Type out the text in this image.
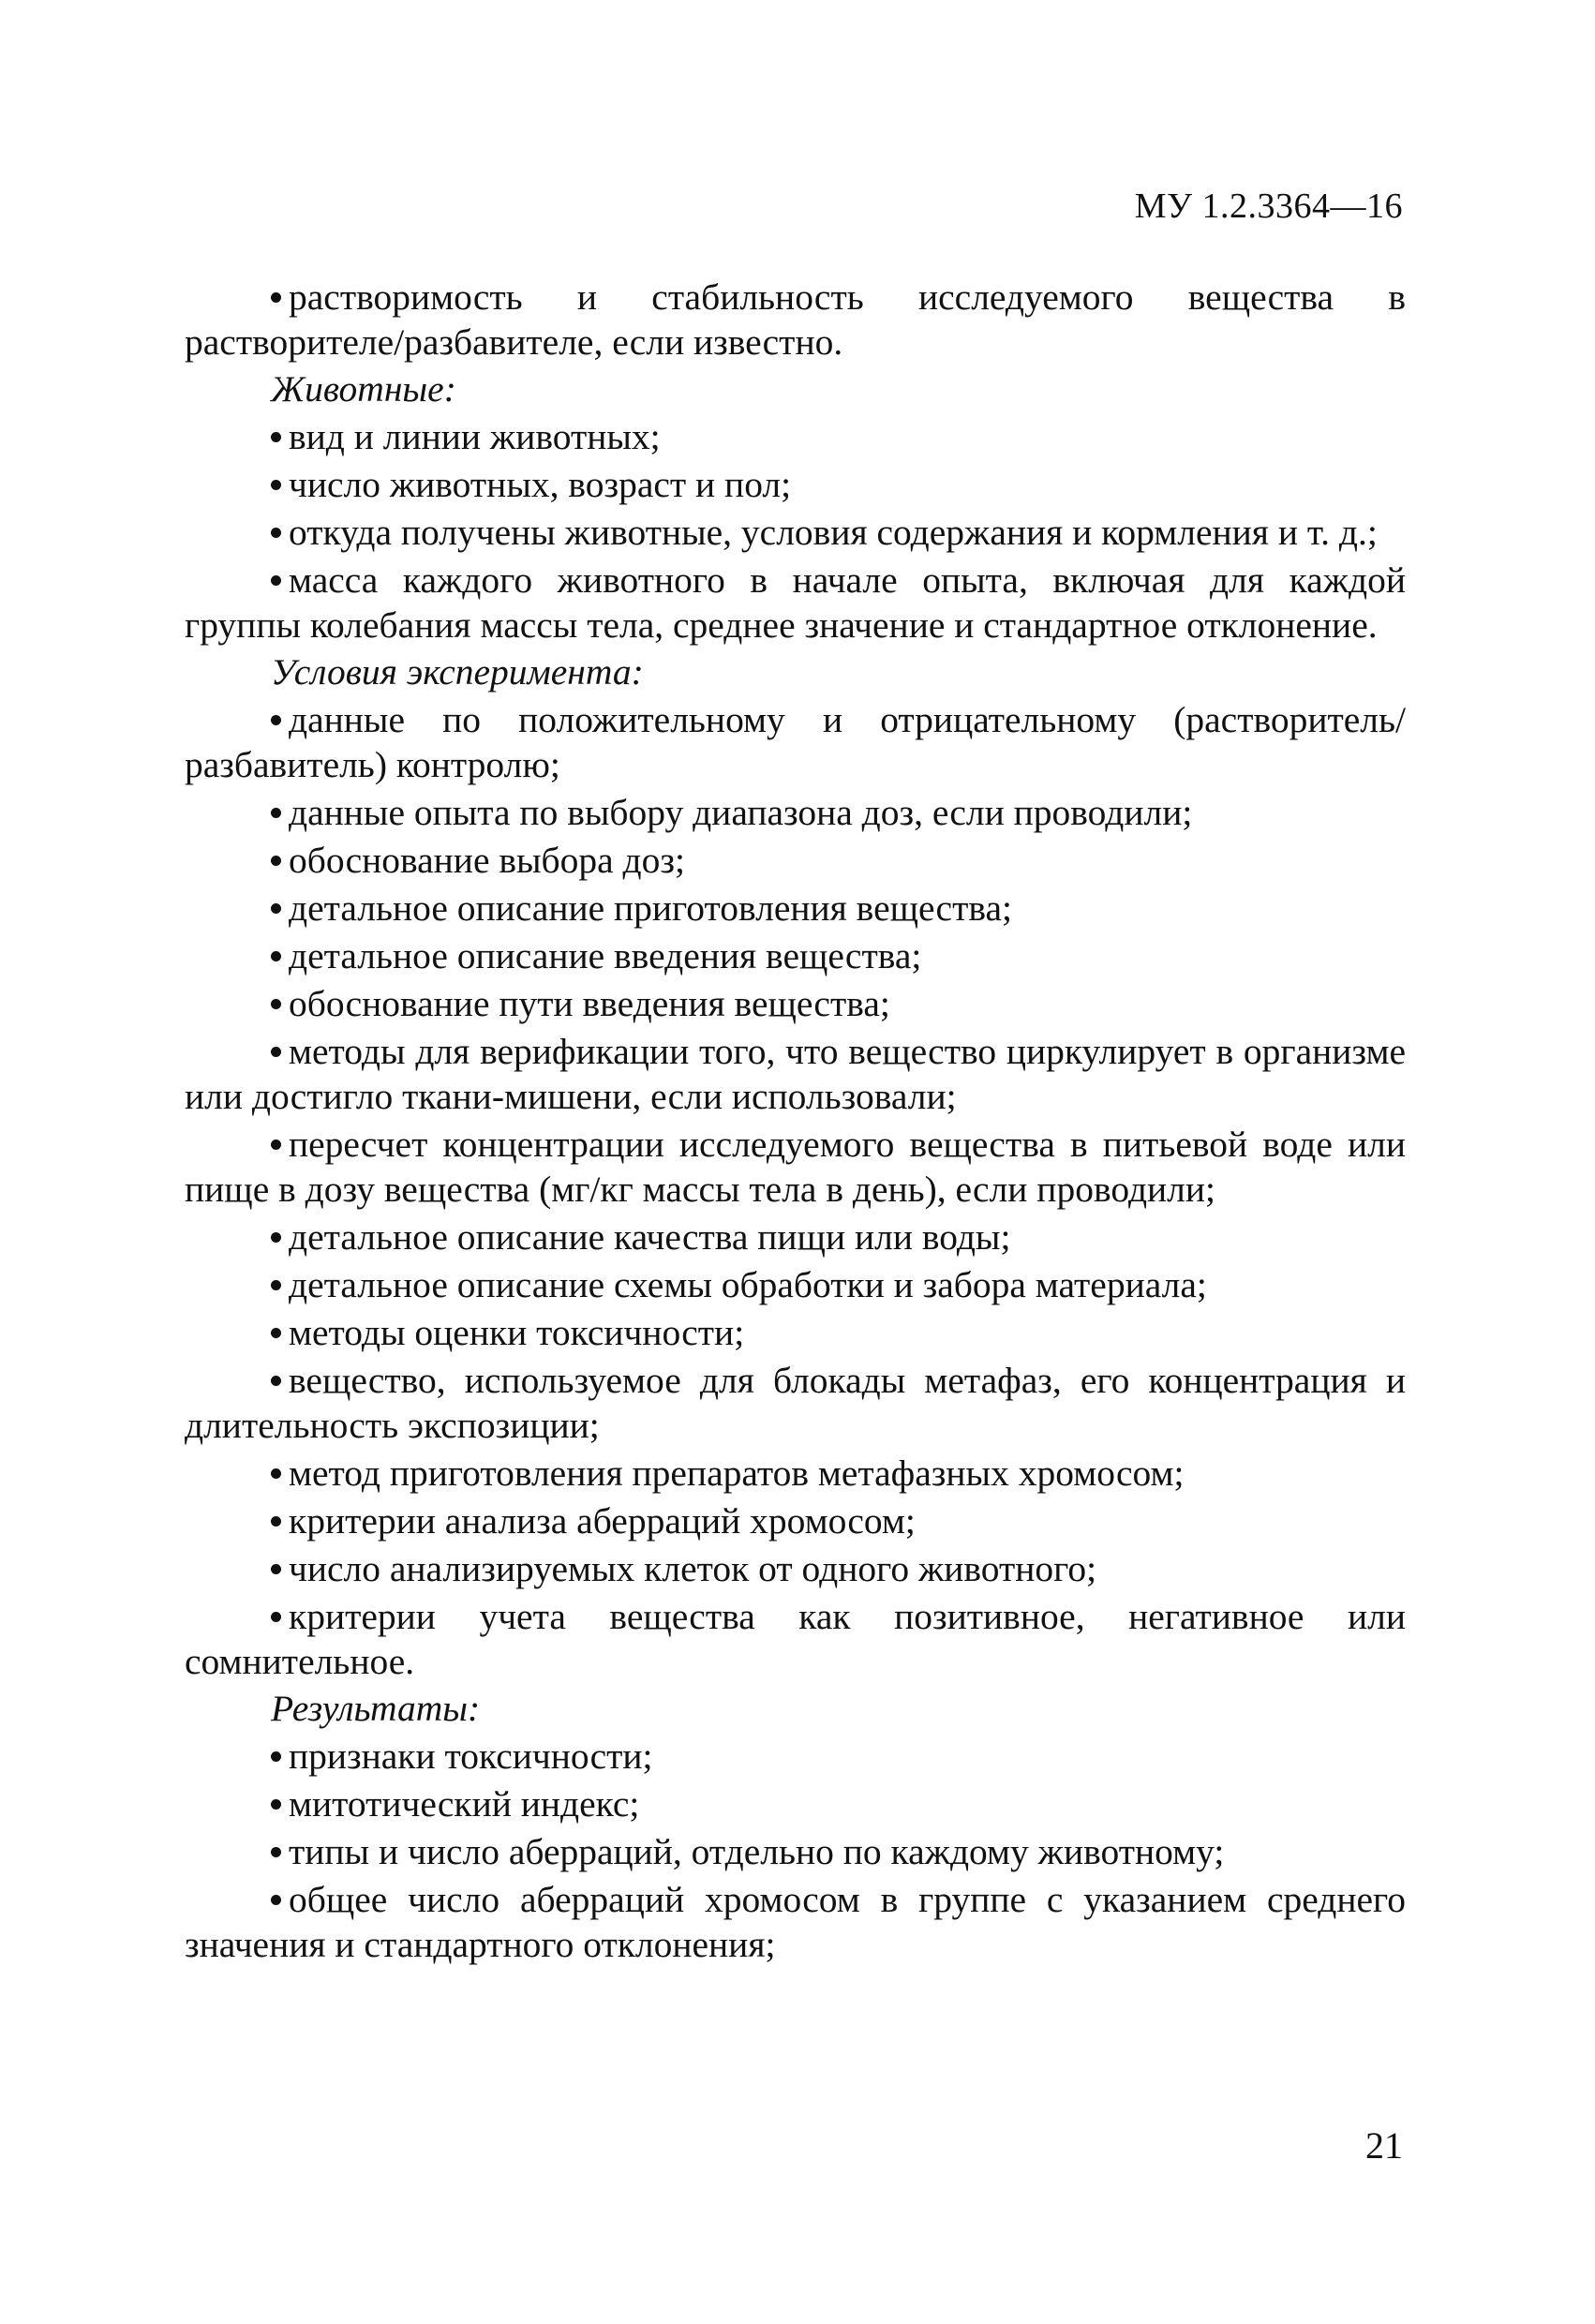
МУ 1.2.3364—16

растворимость и стабильность исследуемого вещества в растворителе/разбавителе, если известно.

Животные:

вид и линии животных;

число животных, возраст и пол;

откуда получены животные, условия содержания и кормления и т. д.;

масса каждого животного в начале опыта, включая для каждой группы колебания массы тела, среднее значение и стандартное отклонение.

Условия эксперимента:

данные по положительному и отрицательному (растворитель/разбавитель) контролю;

данные опыта по выбору диапазона доз, если проводили;

обоснование выбора доз;

детальное описание приготовления вещества;

детальное описание введения вещества;

обоснование пути введения вещества;

методы для верификации того, что вещество циркулирует в организме или достигло ткани-мишени, если использовали;

пересчет концентрации исследуемого вещества в питьевой воде или пище в дозу вещества (мг/кг массы тела в день), если проводили;

детальное описание качества пищи или воды;

детальное описание схемы обработки и забора материала;

методы оценки токсичности;

вещество, используемое для блокады метафаз, его концентрация и длительность экспозиции;

метод приготовления препаратов метафазных хромосом;

критерии анализа аберраций хромосом;

число анализируемых клеток от одного животного;

критерии учета вещества как позитивное, негативное или сомнительное.

Результаты:

признаки токсичности;

митотический индекс;

типы и число аберраций, отдельно по каждому животному;

общее число аберраций хромосом в группе с указанием среднего значения и стандартного отклонения;

21
